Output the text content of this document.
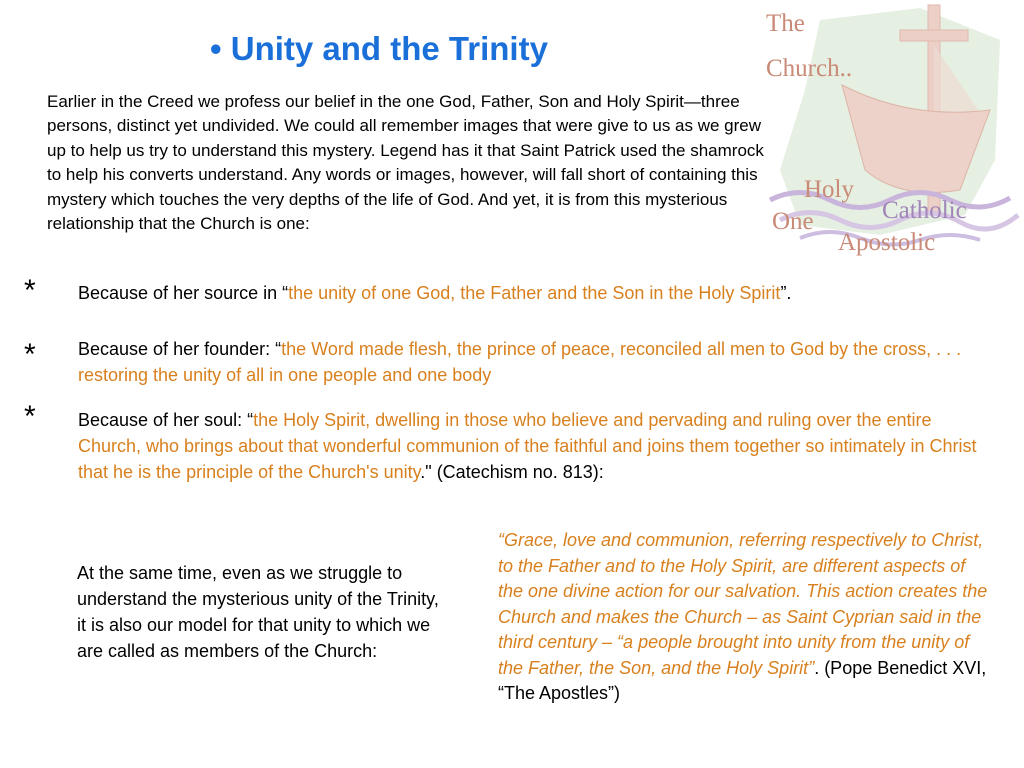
The
Church..
Holy
One	Catholic
Apostolic
• Unity and the Trinity
Earlier in the Creed we profess our belief in the one God, Father, Son and Holy Spirit—three persons, distinct yet undivided. We could all remember images that were give to us as we grew up to help us try to understand this mystery. Legend has it that Saint Patrick used the shamrock to help his converts understand. Any words or images, however, will fall short of containing this mystery which touches the very depths of the life of God. And yet, it is from this mysterious relationship that the Church is one:
* Because of her source in “the unity of one God, the Father and the Son in the Holy Spirit”.
* Because of her founder: “the Word made flesh, the prince of peace, reconciled all men to God by the cross, . . . restoring the unity of all in one people and one body
* Because of her soul: “the Holy Spirit, dwelling in those who believe and pervading and ruling over the entire Church, who brings about that wonderful communion of the faithful and joins them together so intimately in Christ that he is the principle of the Church's unity." (Catechism no. 813):
At the same time, even as we struggle to understand the mysterious unity of the Trinity, it is also our model for that unity to which we are called as members of the Church:
“Grace, love and communion, referring respectively to Christ, to the Father and to the Holy Spirit, are different aspects of the one divine action for our salvation. This action creates the Church and makes the Church – as Saint Cyprian said in the third century – “a people brought into unity from the unity of the Father, the Son, and the Holy Spirit”. (Pope Benedict XVI, “The Apostles”)
